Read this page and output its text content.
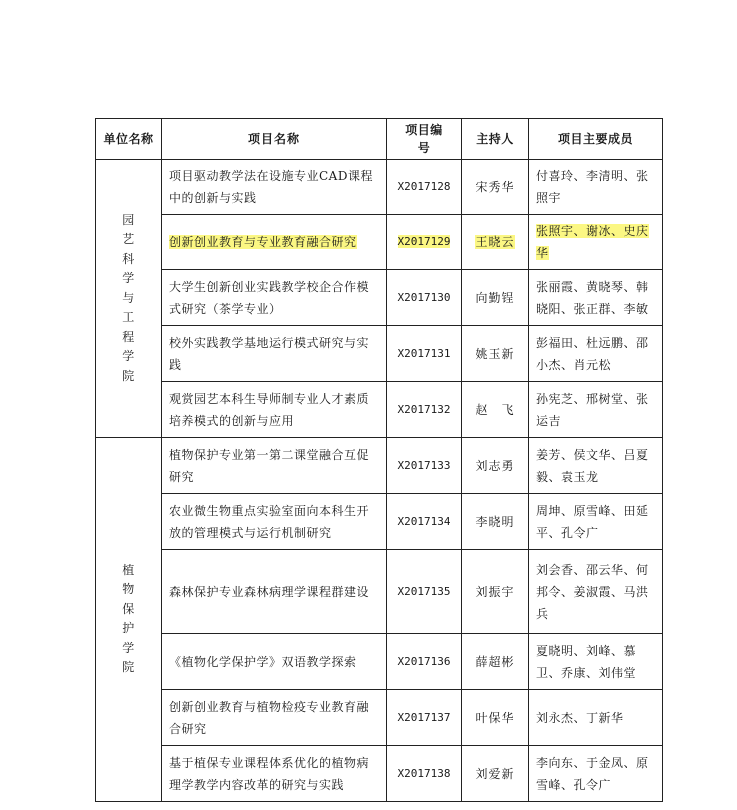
单位名称	项目名称	项目编号	主持人	项目主要成员
园艺科学与工程学院	项目驱动教学法在设施专业CAD课程中的创新与实践	X2017128	宋秀华	付喜玲、李清明、张照宇
	创新创业教育与专业教育融合研究	X2017129	王晓云	张照宇、谢冰、史庆华
	大学生创新创业实践教学校企合作模式研究（茶学专业）	X2017130	向勤锃	张丽霞、黄晓琴、韩晓阳、张正群、李敏
	校外实践教学基地运行模式研究与实践	X2017131	姚玉新	彭福田、杜远鹏、邵小杰、肖元松
	观赏园艺本科生导师制专业人才素质培养模式的创新与应用	X2017132	赵　飞	孙宪芝、邢树堂、张运吉
植物保护学院	植物保护专业第一第二课堂融合互促研究	X2017133	刘志勇	姜芳、侯文华、吕夏毅、袁玉龙
	农业微生物重点实验室面向本科生开放的管理模式与运行机制研究	X2017134	李晓明	周坤、原雪峰、田延平、孔令广
	森林保护专业森林病理学课程群建设	X2017135	刘振宇	刘会香、邵云华、何邦令、姜淑霞、马洪兵
	《植物化学保护学》双语教学探索	X2017136	薛超彬	夏晓明、刘峰、慕卫、乔康、刘伟堂
	创新创业教育与植物检疫专业教育融合研究	X2017137	叶保华	刘永杰、丁新华
	基于植保专业课程体系优化的植物病理学教学内容改革的研究与实践	X2017138	刘爱新	李向东、于金凤、原雪峰、孔令广
